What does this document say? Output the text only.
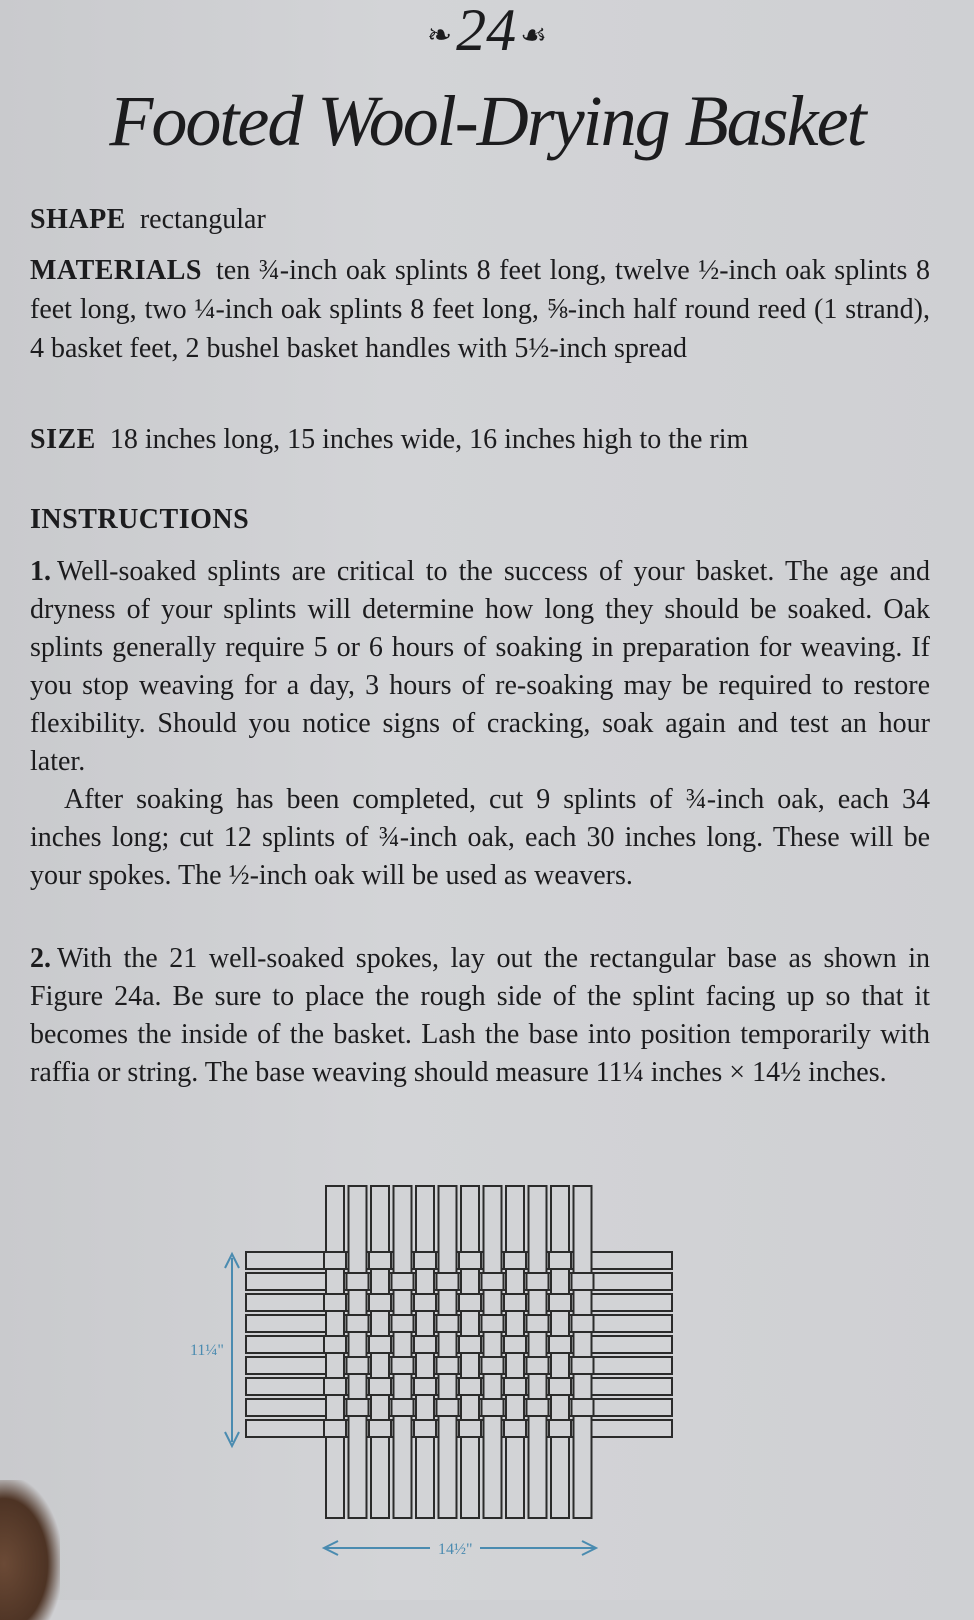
❧24 ☙
Footed Wool-Drying Basket
SHAPE rectangular
MATERIALS ten ¾-inch oak splints 8 feet long, twelve ½-inch oak splints 8 feet long, two ¼-inch oak splints 8 feet long, ⅝-inch half round reed (1 strand), 4 basket feet, 2 bushel basket handles with 5½-inch spread
SIZE 18 inches long, 15 inches wide, 16 inches high to the rim
INSTRUCTIONS

1. Well-soaked splints are critical to the success of your basket. The age and dryness of your splints will determine how long they should be soaked. Oak splints generally require 5 or 6 hours of soaking in preparation for weaving. If you stop weaving for a day, 3 hours of re-soaking may be required to restore flexibility. Should you notice signs of cracking, soak again and test an hour later.

After soaking has been completed, cut 9 splints of ¾-inch oak, each 34 inches long; cut 12 splints of ¾-inch oak, each 30 inches long. These will be your spokes. The ½-inch oak will be used as weavers.

2. With the 21 well-soaked spokes, lay out the rectangular base as shown in Figure 24a. Be sure to place the rough side of the splint facing up so that it becomes the inside of the basket. Lash the base into position temporarily with raffia or string. The base weaving should measure 11¼ inches × 14½ inches.

11¼"
14½"
